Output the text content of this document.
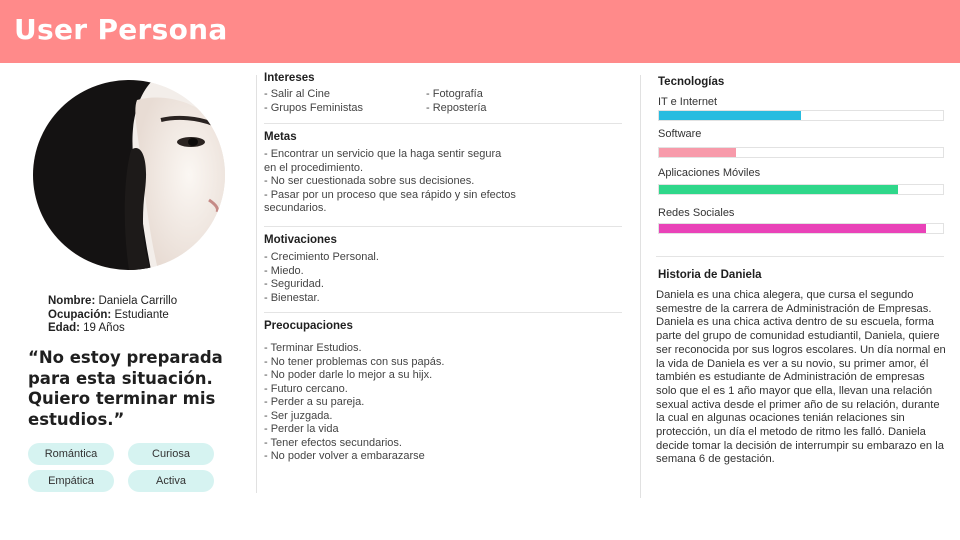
User Persona
Nombre: Daniela Carrillo
Ocupación: Estudiante
Edad: 19 Años
“No estoy preparada para esta situación. Quiero terminar mis estudios.”
Romántica	Curiosa
Empática	Activa
Intereses
- Salir al Cine
- Grupos Feministas
- Fotografía
- Repostería
Metas
- Encontrar un servicio que la haga sentir segura
en el procedimiento.
- No ser cuestionada sobre sus decisiones.
- Pasar por un proceso que sea rápido y sin efectos
secundarios.
Motivaciones
- Crecimiento Personal.
- Miedo.
- Seguridad.
- Bienestar.
Preocupaciones
- Terminar Estudios.
- No tener problemas con sus papás.
- No poder darle lo mejor a su hijx.
- Futuro cercano.
- Perder a su pareja.
- Ser juzgada.
- Perder la vida
- Tener efectos secundarios.
- No poder volver a embarazarse
Tecnologías
IT e Internet
Software
Aplicaciones Móviles
Redes Sociales
Historia de Daniela
Daniela es una chica alegera, que cursa el segundo semestre de la carrera de Administración de Empresas. Daniela es una chica activa dentro de su escuela, forma parte del grupo de comunidad estudiantil, Daniela, quiere ser reconocida por sus logros escolares. Un día normal en la vida de Daniela es ver a su novio, su primer amor, él también es estudiante de Administración de empresas solo que el es 1 año mayor que ella, llevan una relación sexual activa desde el primer año de su relación, durante la cual en algunas ocaciones tenián relaciones sin protección, un día el metodo de ritmo les falló. Daniela decide tomar la decisión de interrumpir su embarazo en la semana 6 de gestación.
